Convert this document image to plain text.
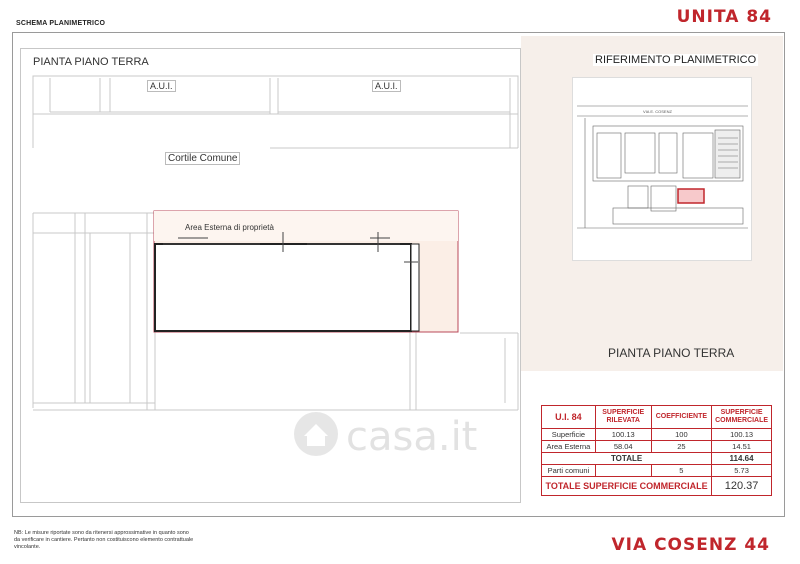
SCHEMA PLANIMETRICO	UNITA 84
PIANTA PIANO TERRA
A.U.I.	A.U.I.
Cortile Comune
Area Esterna di proprietà
casa.it
RIFERIMENTO PLANIMETRICO
VIA E. COSENZ
PIANTA PIANO TERRA
U.I. 84	SUPERFICIE RILEVATA	COEFFICIENTE	SUPERFICIE COMMERCIALE
Superficie	100.13	100	100.13
Area Esterna	58.04	25	14.51
TOTALE			114.64
Parti comuni		5	5.73
TOTALE SUPERFICIE COMMERCIALE			120.37
NB: Le misure riportate sono da ritenersi approssimative in quanto sono da verificare in cantiere. Pertanto non costituiscono elemento contrattuale vincolante.	VIA COSENZ 44
